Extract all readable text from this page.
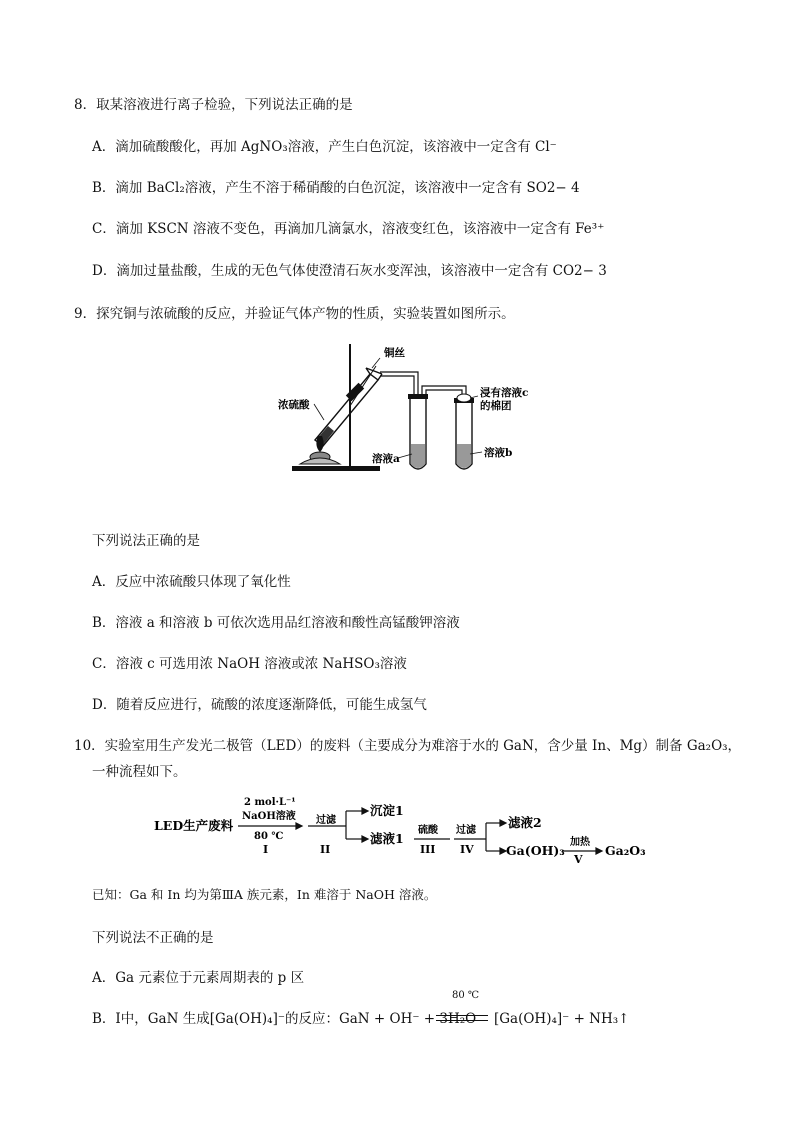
8．取某溶液进行离子检验，下列说法正确的是
A．滴加硫酸酸化，再加 AgNO₃溶液，产生白色沉淀，该溶液中一定含有 Cl⁻
B．滴加 BaCl₂溶液，产生不溶于稀硝酸的白色沉淀，该溶液中一定含有 SO2− 4
C．滴加 KSCN 溶液不变色，再滴加几滴氯水，溶液变红色，该溶液中一定含有 Fe³⁺
D．滴加过量盐酸，生成的无色气体使澄清石灰水变浑浊，该溶液中一定含有 CO2− 3
9．探究铜与浓硫酸的反应，并验证气体产物的性质，实验装置如图所示。
铜丝
浓硫酸
浸有溶液c
的棉团
溶液a	溶液b
下列说法正确的是
A．反应中浓硫酸只体现了氧化性
B．溶液 a 和溶液 b 可依次选用品红溶液和酸性高锰酸钾溶液
C．溶液 c 可选用浓 NaOH 溶液或浓 NaHSO₃溶液
D．随着反应进行，硫酸的浓度逐渐降低，可能生成氢气
10．实验室用生产发光二极管（LED）的废料（主要成分为难溶于水的 GaN，含少量 In、Mg）制备 Ga₂O₃，
一种流程如下。
LED生产废料
2 mol·L⁻¹
NaOH溶液
80 ℃
I
过滤
II
沉淀1
滤液1
硫酸
III
过滤
IV
滤液2
Ga(OH)₃
加热
V
Ga₂O₃
已知：Ga 和 In 均为第ⅢA 族元素，In 难溶于 NaOH 溶液。
下列说法不正确的是
A．Ga 元素位于元素周期表的 p 区
80 ℃
B．Ⅰ中，GaN 生成[Ga(OH)₄]⁻的反应：GaN + OH⁻ + 3H₂O [Ga(OH)₄]⁻ + NH₃↑
